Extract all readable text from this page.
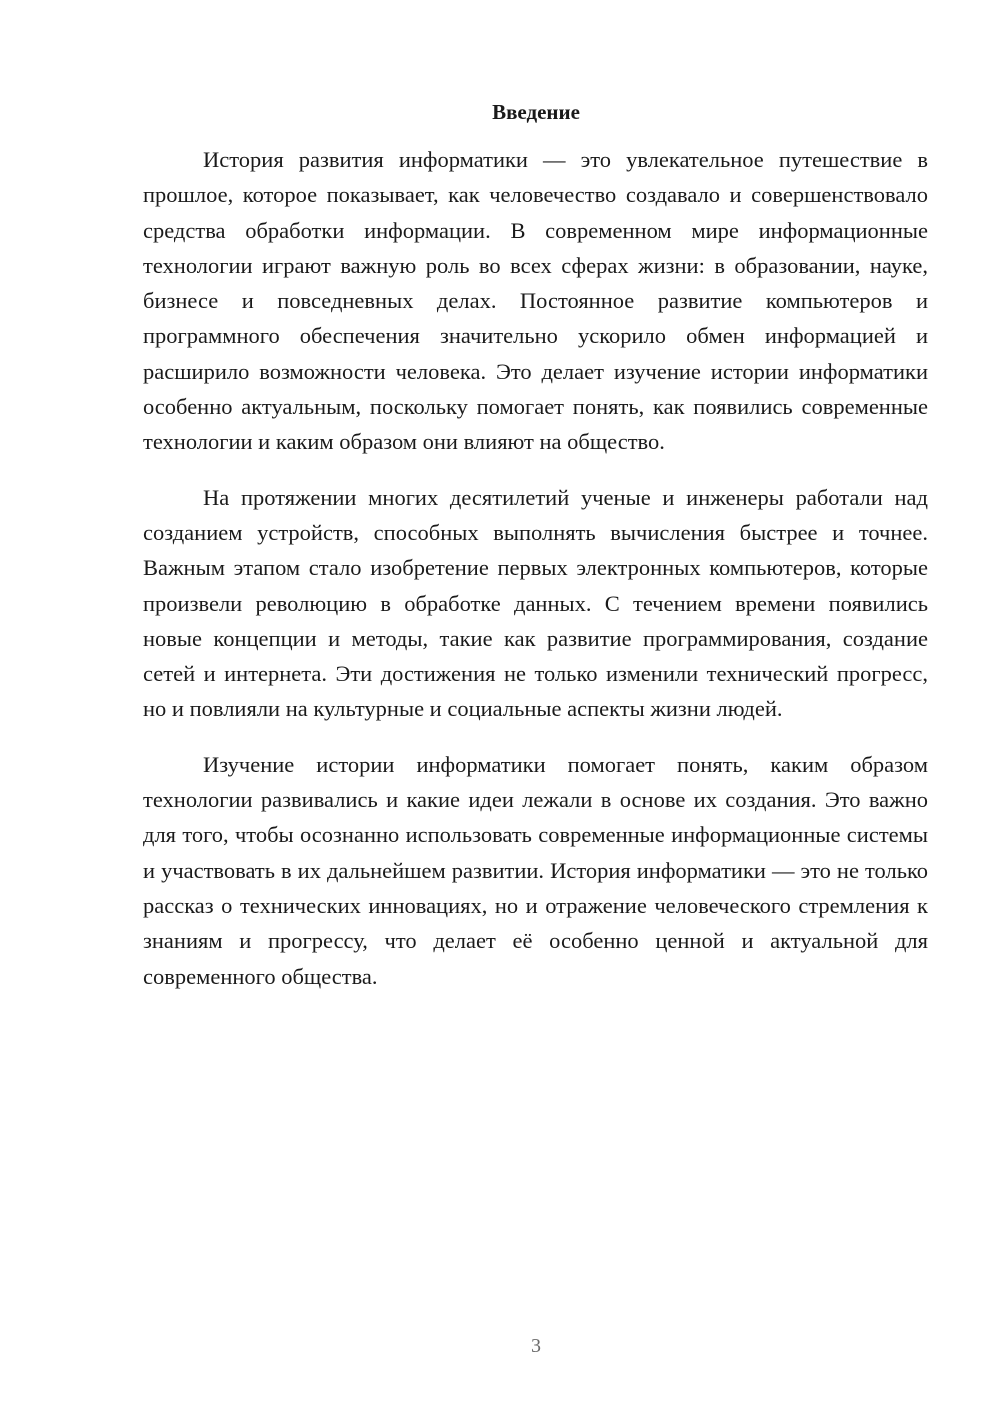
Введение

История развития информатики — это увлекательное путешествие в прошлое, которое показывает, как человечество создавало и совершенствовало средства обработки информации. В современном мире информационные технологии играют важную роль во всех сферах жизни: в образовании, науке, бизнесе и повседневных делах. Постоянное развитие компьютеров и программного обеспечения значительно ускорило обмен информацией и расширило возможности человека. Это делает изучение истории информатики особенно актуальным, поскольку помогает понять, как появились современные технологии и каким образом они влияют на общество.

На протяжении многих десятилетий ученые и инженеры работали над созданием устройств, способных выполнять вычисления быстрее и точнее. Важным этапом стало изобретение первых электронных компьютеров, которые произвели революцию в обработке данных. С течением времени появились новые концепции и методы, такие как развитие программирования, создание сетей и интернета. Эти достижения не только изменили технический прогресс, но и повлияли на культурные и социальные аспекты жизни людей.

Изучение истории информатики помогает понять, каким образом технологии развивались и какие идеи лежали в основе их создания. Это важно для того, чтобы осознанно использовать современные информационные системы и участвовать в их дальнейшем развитии. История информатики — это не только рассказ о технических инновациях, но и отражение человеческого стремления к знаниям и прогрессу, что делает её особенно ценной и актуальной для современного общества.

3
